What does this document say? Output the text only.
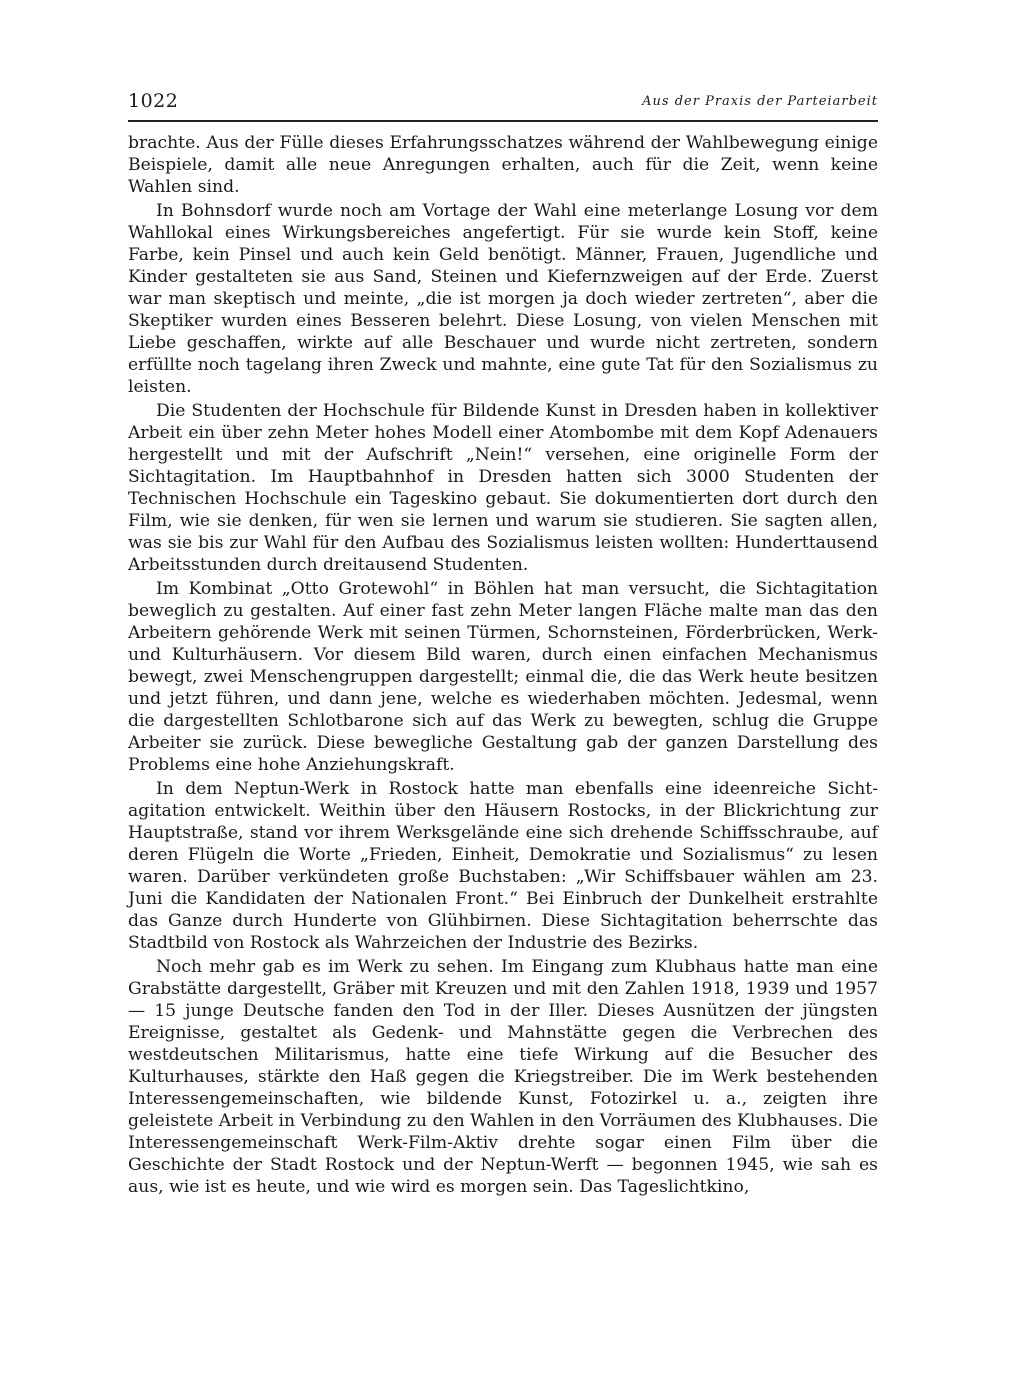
1022	Aus der Praxis der Parteiarbeit

brachte. Aus der Fülle dieses Erfahrungsschatzes während der Wahlbewegung einige Beispiele, damit alle neue Anregungen erhalten, auch für die Zeit, wenn keine Wahlen sind.

In Bohnsdorf wurde noch am Vortage der Wahl eine meterlange Losung vor dem Wahllokal eines Wirkungsbereiches angefertigt. Für sie wurde kein Stoff, keine Farbe, kein Pinsel und auch kein Geld benötigt. Männer, Frauen, Jugendliche und Kinder gestalteten sie aus Sand, Steinen und Kiefernzweigen auf der Erde. Zuerst war man skeptisch und meinte, „die ist morgen ja doch wieder zertreten“, aber die Skeptiker wurden eines Besseren belehrt. Diese Losung, von vielen Menschen mit Liebe geschaffen, wirkte auf alle Beschauer und wurde nicht zertreten, sondern erfüllte noch tagelang ihren Zweck und mahnte, eine gute Tat für den Sozialismus zu leisten.

Die Studenten der Hochschule für Bildende Kunst in Dresden haben in kollektiver Arbeit ein über zehn Meter hohes Modell einer Atombombe mit dem Kopf Adenauers hergestellt und mit der Aufschrift „Nein!“ versehen, eine originelle Form der Sichtagitation. Im Hauptbahnhof in Dresden hatten sich 3000 Studenten der Technischen Hochschule ein Tageskino gebaut. Sie dokumentierten dort durch den Film, wie sie denken, für wen sie lernen und warum sie studieren. Sie sagten allen, was sie bis zur Wahl für den Aufbau des Sozialismus leisten wollten: Hunderttausend Arbeitsstunden durch dreitausend Studenten.

Im Kombinat „Otto Grotewohl“ in Böhlen hat man versucht, die Sichtagitation beweglich zu gestalten. Auf einer fast zehn Meter langen Fläche malte man das den Arbeitern gehörende Werk mit seinen Türmen, Schornsteinen, Förderbrücken, Werk- und Kulturhäusern. Vor diesem Bild waren, durch einen einfachen Mechanismus bewegt, zwei Menschengruppen dargestellt; einmal die, die das Werk heute besitzen und jetzt führen, und dann jene, welche es wiederhaben möchten. Jedesmal, wenn die dargestellten Schlotbarone sich auf das Werk zu bewegten, schlug die Gruppe Arbeiter sie zurück. Diese bewegliche Gestaltung gab der ganzen Darstellung des Problems eine hohe Anziehungskraft.

In dem Neptun-Werk in Rostock hatte man ebenfalls eine ideenreiche Sichtagitation entwickelt. Weithin über den Häusern Rostocks, in der Blickrichtung zur Hauptstraße, stand vor ihrem Werksgelände eine sich drehende Schiffsschraube, auf deren Flügeln die Worte „Frieden, Einheit, Demokratie und Sozialismus“ zu lesen waren. Darüber verkündeten große Buchstaben: „Wir Schiffsbauer wählen am 23. Juni die Kandidaten der Nationalen Front.“ Bei Einbruch der Dunkelheit erstrahlte das Ganze durch Hunderte von Glühbirnen. Diese Sichtagitation beherrschte das Stadtbild von Rostock als Wahrzeichen der Industrie des Bezirks.

Noch mehr gab es im Werk zu sehen. Im Eingang zum Klubhaus hatte man eine Grabstätte dargestellt, Gräber mit Kreuzen und mit den Zahlen 1918, 1939 und 1957 — 15 junge Deutsche fanden den Tod in der Iller. Dieses Ausnützen der jüngsten Ereignisse, gestaltet als Gedenk- und Mahnstätte gegen die Verbrechen des westdeutschen Militarismus, hatte eine tiefe Wirkung auf die Besucher des Kulturhauses, stärkte den Haß gegen die Kriegstreiber. Die im Werk bestehenden Interessengemeinschaften, wie bildende Kunst, Fotozirkel u. a., zeigten ihre geleistete Arbeit in Verbindung zu den Wahlen in den Vorräumen des Klubhauses. Die Interessengemeinschaft Werk-Film-Aktiv drehte sogar einen Film über die Geschichte der Stadt Rostock und der Neptun-Werft — begonnen 1945, wie sah es aus, wie ist es heute, und wie wird es morgen sein. Das Tageslichtkino,
